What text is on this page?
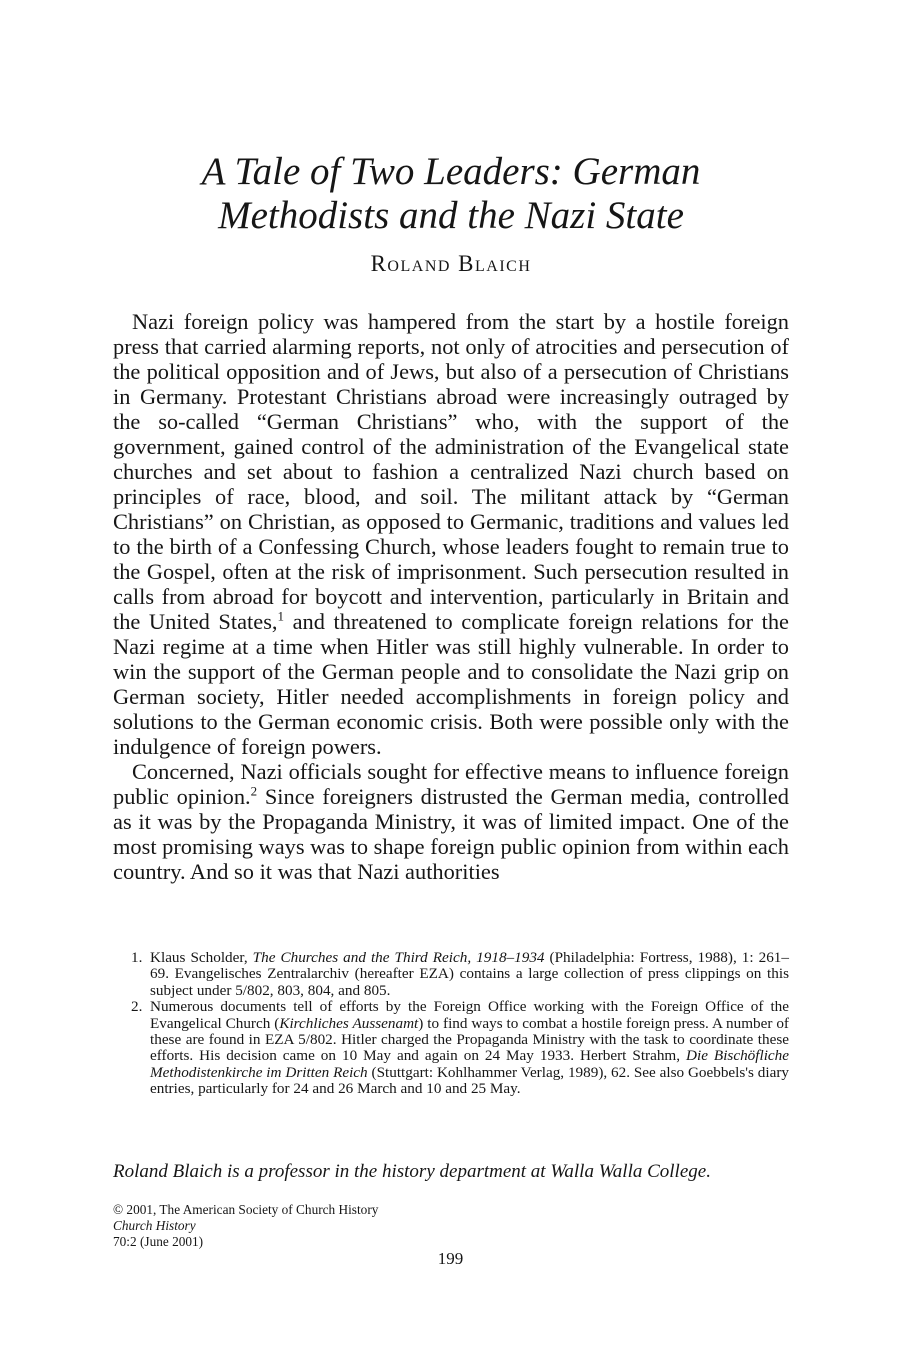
A Tale of Two Leaders: German
Methodists and the Nazi State

Roland Blaich

Nazi foreign policy was hampered from the start by a hostile foreign press that carried alarming reports, not only of atrocities and persecution of the political opposition and of Jews, but also of a persecution of Christians in Germany. Protestant Christians abroad were increasingly outraged by the so-called “German Christians” who, with the support of the government, gained control of the administration of the Evangelical state churches and set about to fashion a centralized Nazi church based on principles of race, blood, and soil. The militant attack by “German Christians” on Christian, as opposed to Germanic, traditions and values led to the birth of a Confessing Church, whose leaders fought to remain true to the Gospel, often at the risk of imprisonment. Such persecution resulted in calls from abroad for boycott and intervention, particularly in Britain and the United States,$^1$ and threatened to complicate foreign relations for the Nazi regime at a time when Hitler was still highly vulnerable. In order to win the support of the German people and to consolidate the Nazi grip on German society, Hitler needed accomplishments in foreign policy and solutions to the German economic crisis. Both were possible only with the indulgence of foreign powers.

Concerned, Nazi officials sought for effective means to influence foreign public opinion.$^2$ Since foreigners distrusted the German media, controlled as it was by the Propaganda Ministry, it was of limited impact. One of the most promising ways was to shape foreign public opinion from within each country. And so it was that Nazi authorities

1. Klaus Scholder, The Churches and the Third Reich, 1918–1934 (Philadelphia: Fortress, 1988), 1: 261–69. Evangelisches Zentralarchiv (hereafter EZA) contains a large collection of press clippings on this subject under 5/802, 803, 804, and 805.
2. Numerous documents tell of efforts by the Foreign Office working with the Foreign Office of the Evangelical Church (Kirchliches Aussenamt) to find ways to combat a hostile foreign press. A number of these are found in EZA 5/802. Hitler charged the Propaganda Ministry with the task to coordinate these efforts. His decision came on 10 May and again on 24 May 1933. Herbert Strahm, Die Bischöfliche Methodistenkirche im Dritten Reich (Stuttgart: Kohlhammer Verlag, 1989), 62. See also Goebbels's diary entries, particularly for 24 and 26 March and 10 and 25 May.

Roland Blaich is a professor in the history department at Walla Walla College.

© 2001, The American Society of Church History
Church History
70:2 (June 2001)

199
